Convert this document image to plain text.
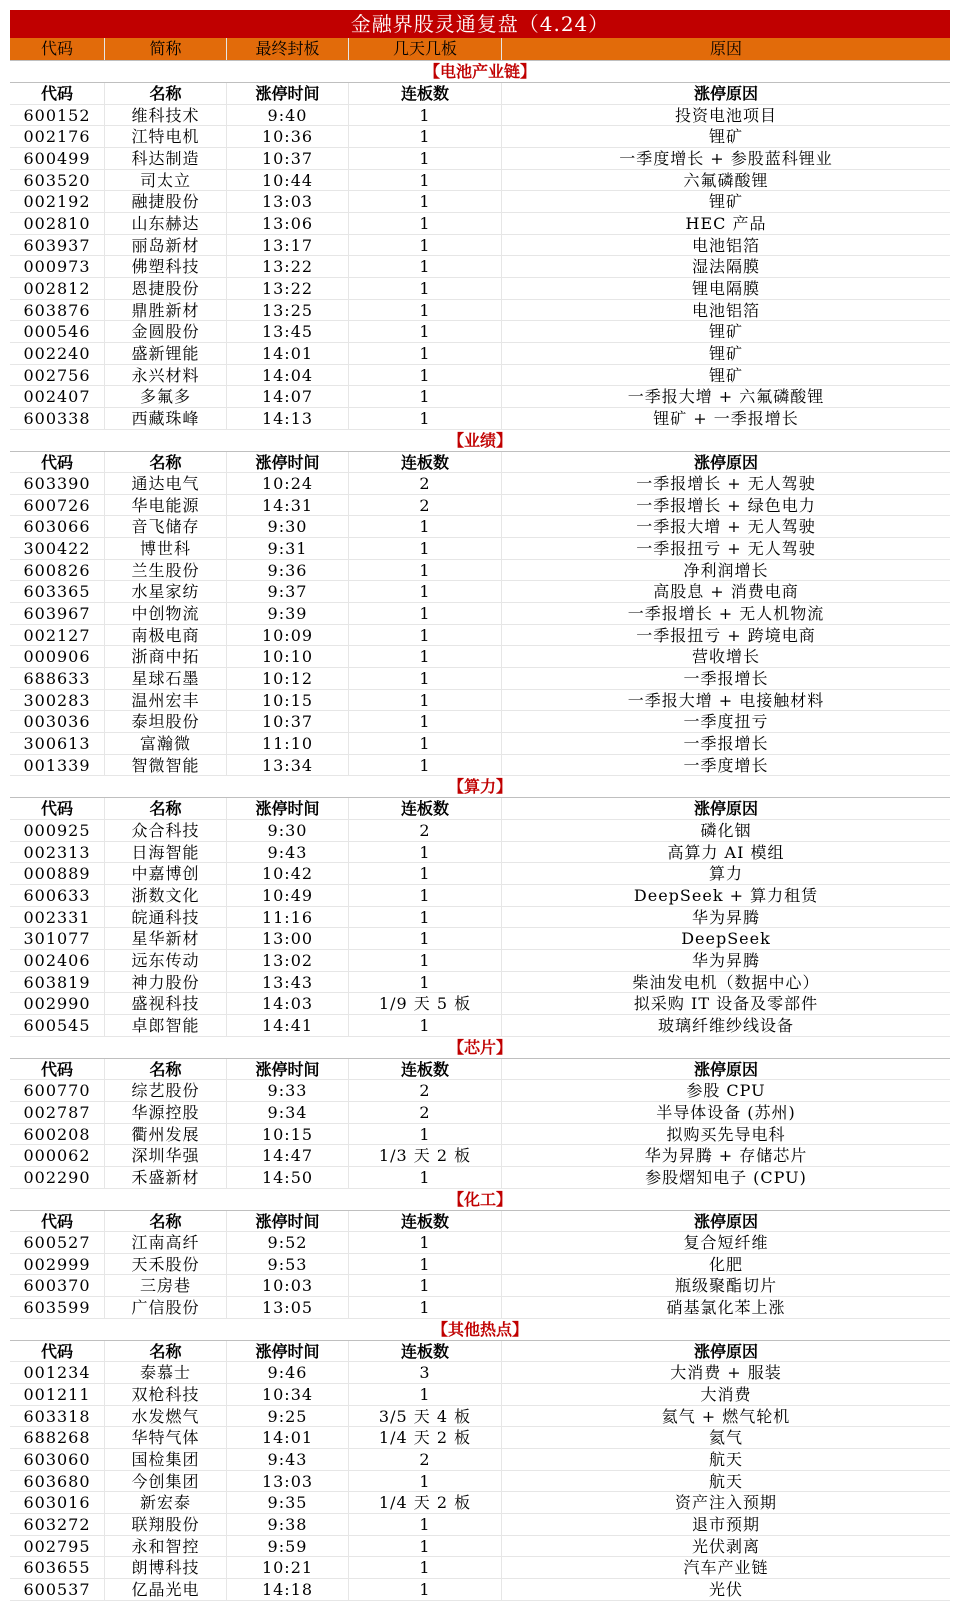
金融界股灵通复盘（4.24）
代码	简称	最终封板	几天几板	原因
【电池产业链】
代码	名称	涨停时间	连板数	涨停原因
600152	维科技术	9:40	1	投资电池项目
002176	江特电机	10:36	1	锂矿
600499	科达制造	10:37	1	一季度增长 + 参股蓝科锂业
603520	司太立	10:44	1	六氟磷酸锂
002192	融捷股份	13:03	1	锂矿
002810	山东赫达	13:06	1	HEC 产品
603937	丽岛新材	13:17	1	电池铝箔
000973	佛塑科技	13:22	1	湿法隔膜
002812	恩捷股份	13:22	1	锂电隔膜
603876	鼎胜新材	13:25	1	电池铝箔
000546	金圆股份	13:45	1	锂矿
002240	盛新锂能	14:01	1	锂矿
002756	永兴材料	14:04	1	锂矿
002407	多氟多	14:07	1	一季报大增 + 六氟磷酸锂
600338	西藏珠峰	14:13	1	锂矿 + 一季报增长
【业绩】
代码	名称	涨停时间	连板数	涨停原因
603390	通达电气	10:24	2	一季报增长 + 无人驾驶
600726	华电能源	14:31	2	一季报增长 + 绿色电力
603066	音飞储存	9:30	1	一季报大增 + 无人驾驶
300422	博世科	9:31	1	一季报扭亏 + 无人驾驶
600826	兰生股份	9:36	1	净利润增长
603365	水星家纺	9:37	1	高股息 + 消费电商
603967	中创物流	9:39	1	一季报增长 + 无人机物流
002127	南极电商	10:09	1	一季报扭亏 + 跨境电商
000906	浙商中拓	10:10	1	营收增长
688633	星球石墨	10:12	1	一季报增长
300283	温州宏丰	10:15	1	一季报大增 + 电接触材料
003036	泰坦股份	10:37	1	一季度扭亏
300613	富瀚微	11:10	1	一季报增长
001339	智微智能	13:34	1	一季度增长
【算力】
代码	名称	涨停时间	连板数	涨停原因
000925	众合科技	9:30	2	磷化铟
002313	日海智能	9:43	1	高算力 AI 模组
000889	中嘉博创	10:42	1	算力
600633	浙数文化	10:49	1	DeepSeek + 算力租赁
002331	皖通科技	11:16	1	华为昇腾
301077	星华新材	13:00	1	DeepSeek
002406	远东传动	13:02	1	华为昇腾
603819	神力股份	13:43	1	柴油发电机（数据中心）
002990	盛视科技	14:03	1/9 天 5 板	拟采购 IT 设备及零部件
600545	卓郎智能	14:41	1	玻璃纤维纱线设备
【芯片】
代码	名称	涨停时间	连板数	涨停原因
600770	综艺股份	9:33	2	参股 CPU
002787	华源控股	9:34	2	半导体设备 (苏州)
600208	衢州发展	10:15	1	拟购买先导电科
000062	深圳华强	14:47	1/3 天 2 板	华为昇腾 + 存储芯片
002290	禾盛新材	14:50	1	参股熠知电子 (CPU)
【化工】
代码	名称	涨停时间	连板数	涨停原因
600527	江南高纤	9:52	1	复合短纤维
002999	天禾股份	9:53	1	化肥
600370	三房巷	10:03	1	瓶级聚酯切片
603599	广信股份	13:05	1	硝基氯化苯上涨
【其他热点】
代码	名称	涨停时间	连板数	涨停原因
001234	泰慕士	9:46	3	大消费 + 服装
001211	双枪科技	10:34	1	大消费
603318	水发燃气	9:25	3/5 天 4 板	氦气 + 燃气轮机
688268	华特气体	14:01	1/4 天 2 板	氦气
603060	国检集团	9:43	2	航天
603680	今创集团	13:03	1	航天
603016	新宏泰	9:35	1/4 天 2 板	资产注入预期
603272	联翔股份	9:38	1	退市预期
002795	永和智控	9:59	1	光伏剥离
603655	朗博科技	10:21	1	汽车产业链
600537	亿晶光电	14:18	1	光伏
